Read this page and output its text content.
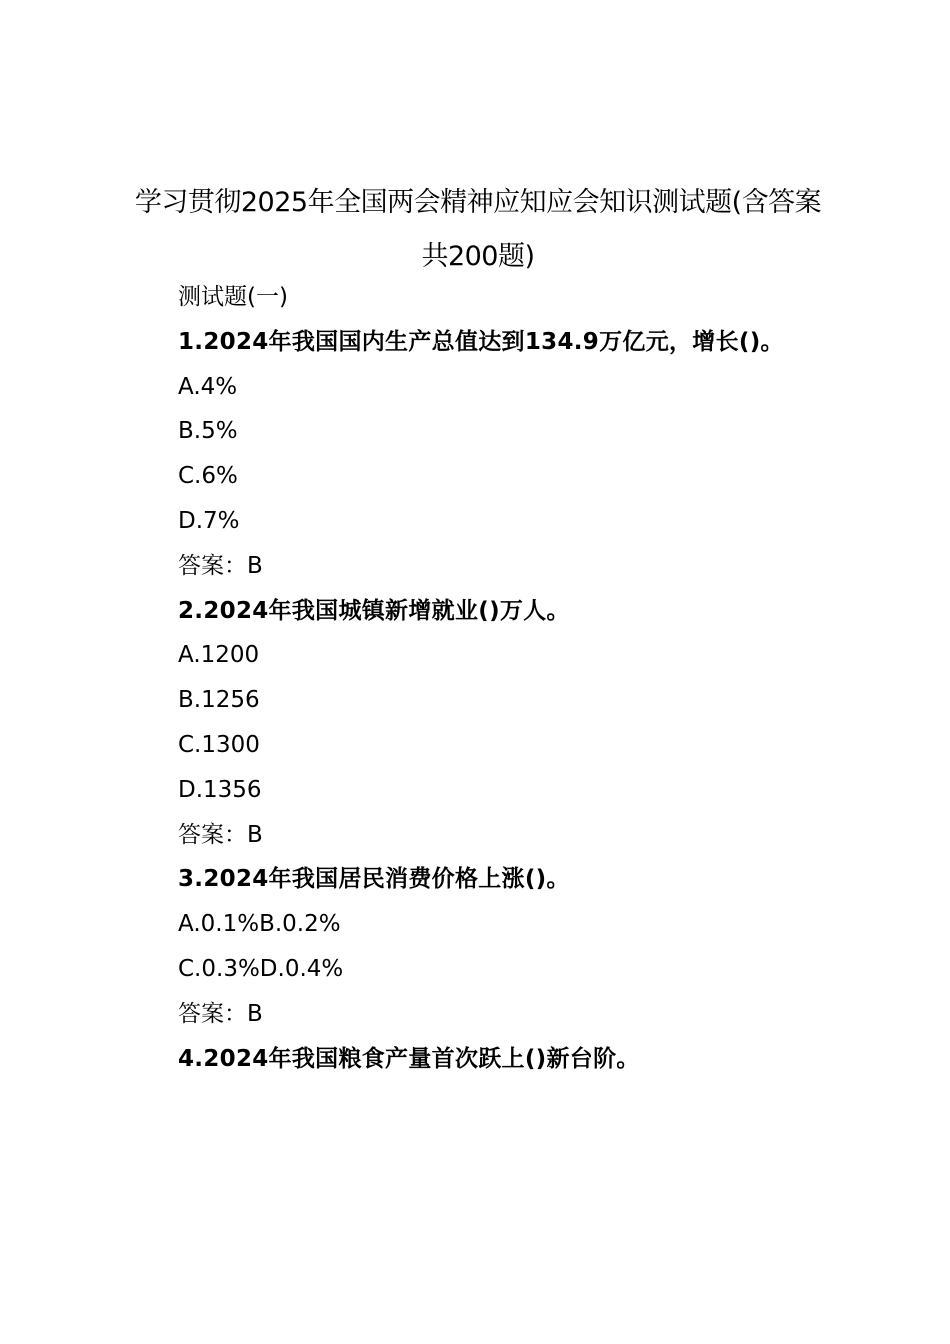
学习贯彻2025年全国两会精神应知应会知识测试题(含答案共200题)
测试题(一)
1.2024年我国国内生产总值达到134.9万亿元，增长()。
A.4%
B.5%
C.6%
D.7%
答案：B
2.2024年我国城镇新增就业()万人。
A.1200
B.1256
C.1300
D.1356
答案：B
3.2024年我国居民消费价格上涨()。
A.0.1%B.0.2%
C.0.3%D.0.4%
答案：B
4.2024年我国粮食产量首次跃上()新台阶。
